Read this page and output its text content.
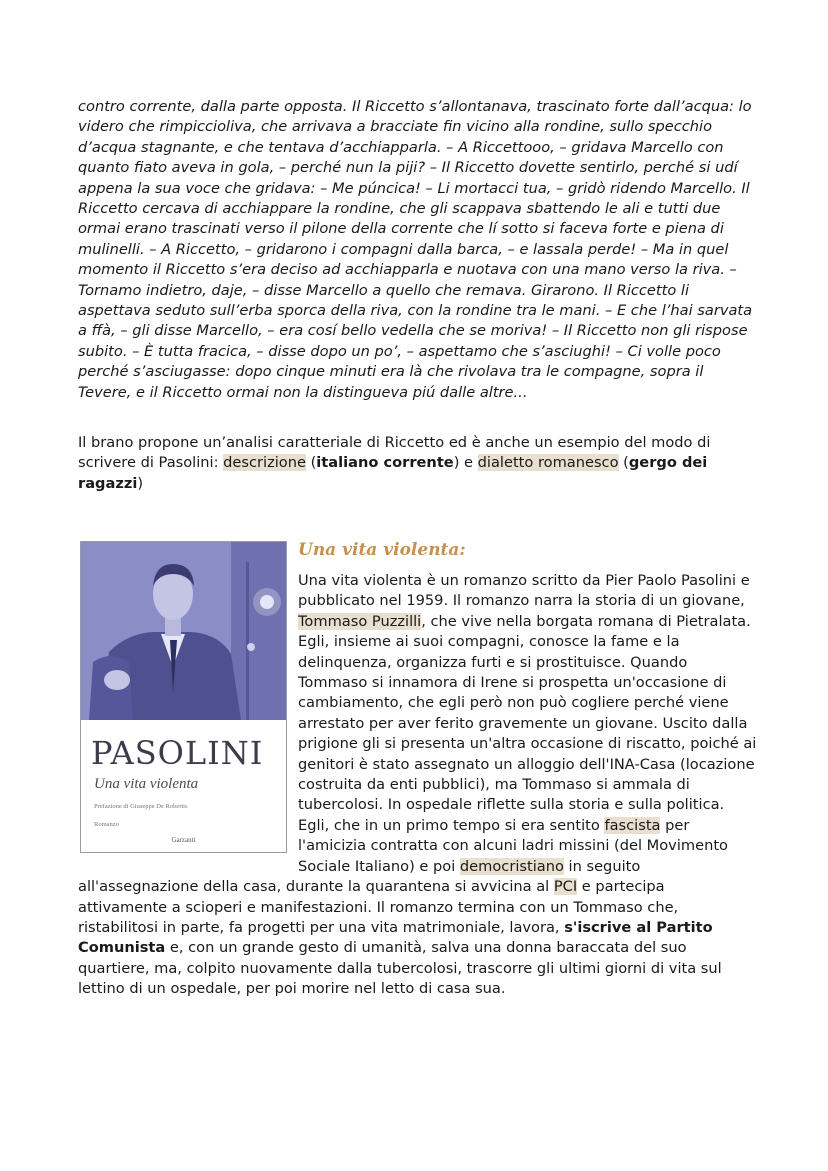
contro corrente, dalla parte opposta. Il Riccetto s’allontanava, trascinato forte dall’acqua: lo videro che rimpiccioliva, che arrivava a bracciate fin vicino alla rondine, sullo specchio d’acqua stagnante, e che tentava d’acchiapparla. – A Riccettooo, – gridava Marcello con quanto fiato aveva in gola, – perché nun la piji? – Il Riccetto dovette sentirlo, perché si udí appena la sua voce che gridava: – Me púncica! – Li mortacci tua, – gridò ridendo Marcello. Il Riccetto cercava di acchiappare la rondine, che gli scappava sbattendo le ali e tutti due ormai erano trascinati verso il pilone della corrente che lí sotto si faceva forte e piena di mulinelli. – A Riccetto, – gridarono i compagni dalla barca, – e lassala perde! – Ma in quel momento il Riccetto s’era deciso ad acchiapparla e nuotava con una mano verso la riva. – Tornamo indietro, daje, – disse Marcello a quello che remava. Girarono. Il Riccetto li aspettava seduto sull’erba sporca della riva, con la rondine tra le mani. – E che l’hai sarvata a ffà, – gli disse Marcello, – era cosí bello vedella che se moriva! – Il Riccetto non gli rispose subito. – È tutta fracica, – disse dopo un po’, – aspettamo che s’asciughi! – Ci volle poco perché s’asciugasse: dopo cinque minuti era là che rivolava tra le compagne, sopra il Tevere, e il Riccetto ormai non la distingueva piú dalle altre...

Il brano propone un’analisi caratteriale di Riccetto ed è anche un esempio del modo di scrivere di Pasolini: descrizione (italiano corrente) e dialetto romanesco (gergo dei ragazzi)

PASOLINI
Una vita violenta
Prefazione di Giuseppe De Robertis
Romanzo
Garzanti
Una vita violenta:

Una vita violenta è un romanzo scritto da Pier Paolo Pasolini e pubblicato nel 1959. Il romanzo narra la storia di un giovane, Tommaso Puzzilli, che vive nella borgata romana di Pietralata. Egli, insieme ai suoi compagni, conosce la fame e la delinquenza, organizza furti e si prostituisce. Quando Tommaso si innamora di Irene si prospetta un'occasione di cambiamento, che egli però non può cogliere perché viene arrestato per aver ferito gravemente un giovane. Uscito dalla prigione gli si presenta un'altra occasione di riscatto, poiché ai genitori è stato assegnato un alloggio dell'INA-Casa (locazione costruita da enti pubblici), ma Tommaso si ammala di tubercolosi. In ospedale riflette sulla storia e sulla politica. Egli, che in un primo tempo si era sentito fascista per l'amicizia contratta con alcuni ladri missini (del Movimento Sociale Italiano) e poi democristiano in seguito all'assegnazione della casa, durante la quarantena si avvicina al PCI e partecipa attivamente a scioperi e manifestazioni. Il romanzo termina con un Tommaso che, ristabilitosi in parte, fa progetti per una vita matrimoniale, lavora, s'iscrive al Partito Comunista e, con un grande gesto di umanità, salva una donna baraccata del suo quartiere, ma, colpito nuovamente dalla tubercolosi, trascorre gli ultimi giorni di vita sul lettino di un ospedale, per poi morire nel letto di casa sua.
